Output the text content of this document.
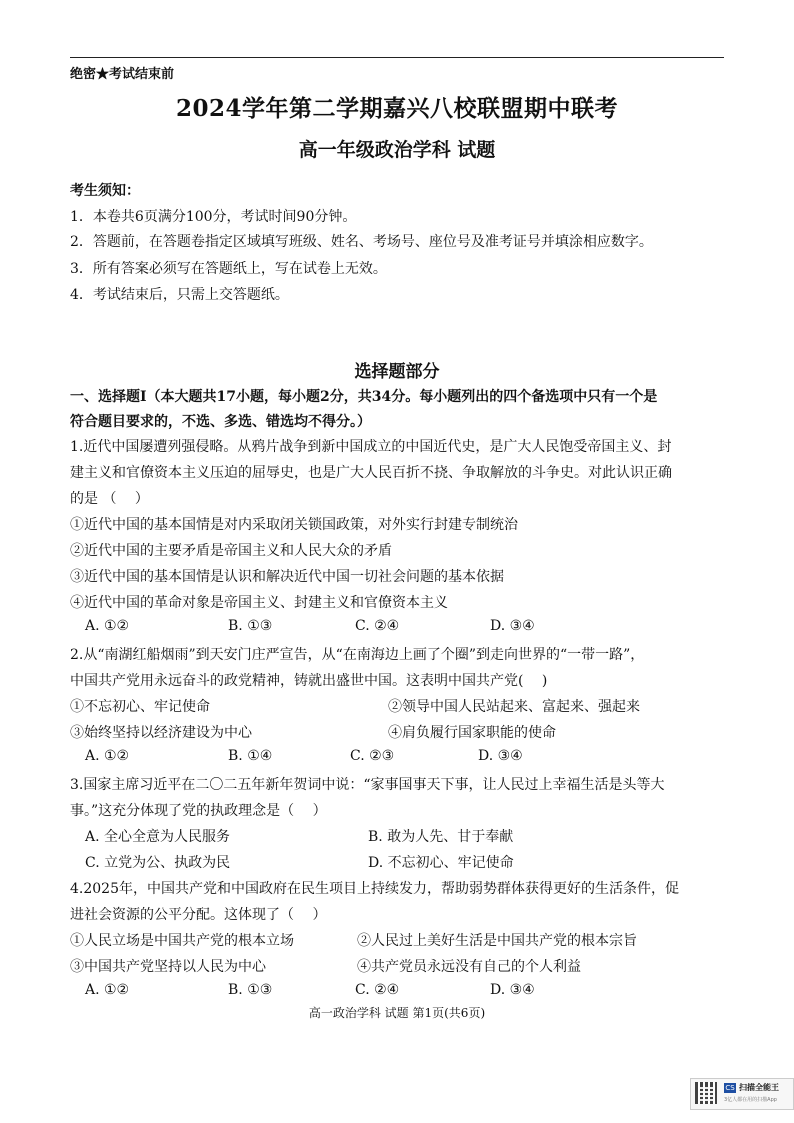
绝密★考试结束前
2024学年第二学期嘉兴八校联盟期中联考
高一年级政治学科 试题
考生须知：
1．本卷共6页满分100分，考试时间90分钟。
2．答题前，在答题卷指定区域填写班级、姓名、考场号、座位号及准考证号并填涂相应数字。
3．所有答案必须写在答题纸上，写在试卷上无效。
4．考试结束后，只需上交答题纸。
选择题部分
一、选择题Ⅰ（本大题共17小题，每小题2分，共34分。每小题列出的四个备选项中只有一个是
符合题目要求的，不选、多选、错选均不得分。）
1.近代中国屡遭列强侵略。从鸦片战争到新中国成立的中国近代史，是广大人民饱受帝国主义、封
建主义和官僚资本主义压迫的屈辱史，也是广大人民百折不挠、争取解放的斗争史。对此认识正确
的是 （　 ）
①近代中国的基本国情是对内采取闭关锁国政策，对外实行封建专制统治
②近代中国的主要矛盾是帝国主义和人民大众的矛盾
③近代中国的基本国情是认识和解决近代中国一切社会问题的基本依据
④近代中国的革命对象是帝国主义、封建主义和官僚资本主义
A. ①②	B. ①③	C. ②④	D. ③④
2.从“南湖红船烟雨”到天安门庄严宣告，从“在南海边上画了个圈”到走向世界的“一带一路”，
中国共产党用永远奋斗的政党精神，铸就出盛世中国。这表明中国共产党(　 )
①不忘初心、牢记使命	②领导中国人民站起来、富起来、强起来
③始终坚持以经济建设为中心	④肩负履行国家职能的使命
A. ①②	B. ①④	C. ②③	D. ③④
3.国家主席习近平在二〇二五年新年贺词中说：“家事国事天下事，让人民过上幸福生活是头等大
事。”这充分体现了党的执政理念是（　 ）
A. 全心全意为人民服务	B. 敢为人先、甘于奉献
C. 立党为公、执政为民	D. 不忘初心、牢记使命
4.2025年，中国共产党和中国政府在民生项目上持续发力，帮助弱势群体获得更好的生活条件，促
进社会资源的公平分配。这体现了（　 ）
①人民立场是中国共产党的根本立场	②人民过上美好生活是中国共产党的根本宗旨
③中国共产党坚持以人民为中心	④共产党员永远没有自己的个人利益
A. ①②	B. ①③	C. ②④	D. ③④
高一政治学科 试题 第1页(共6页)
CS 扫描全能王
3亿人都在用的扫描App
